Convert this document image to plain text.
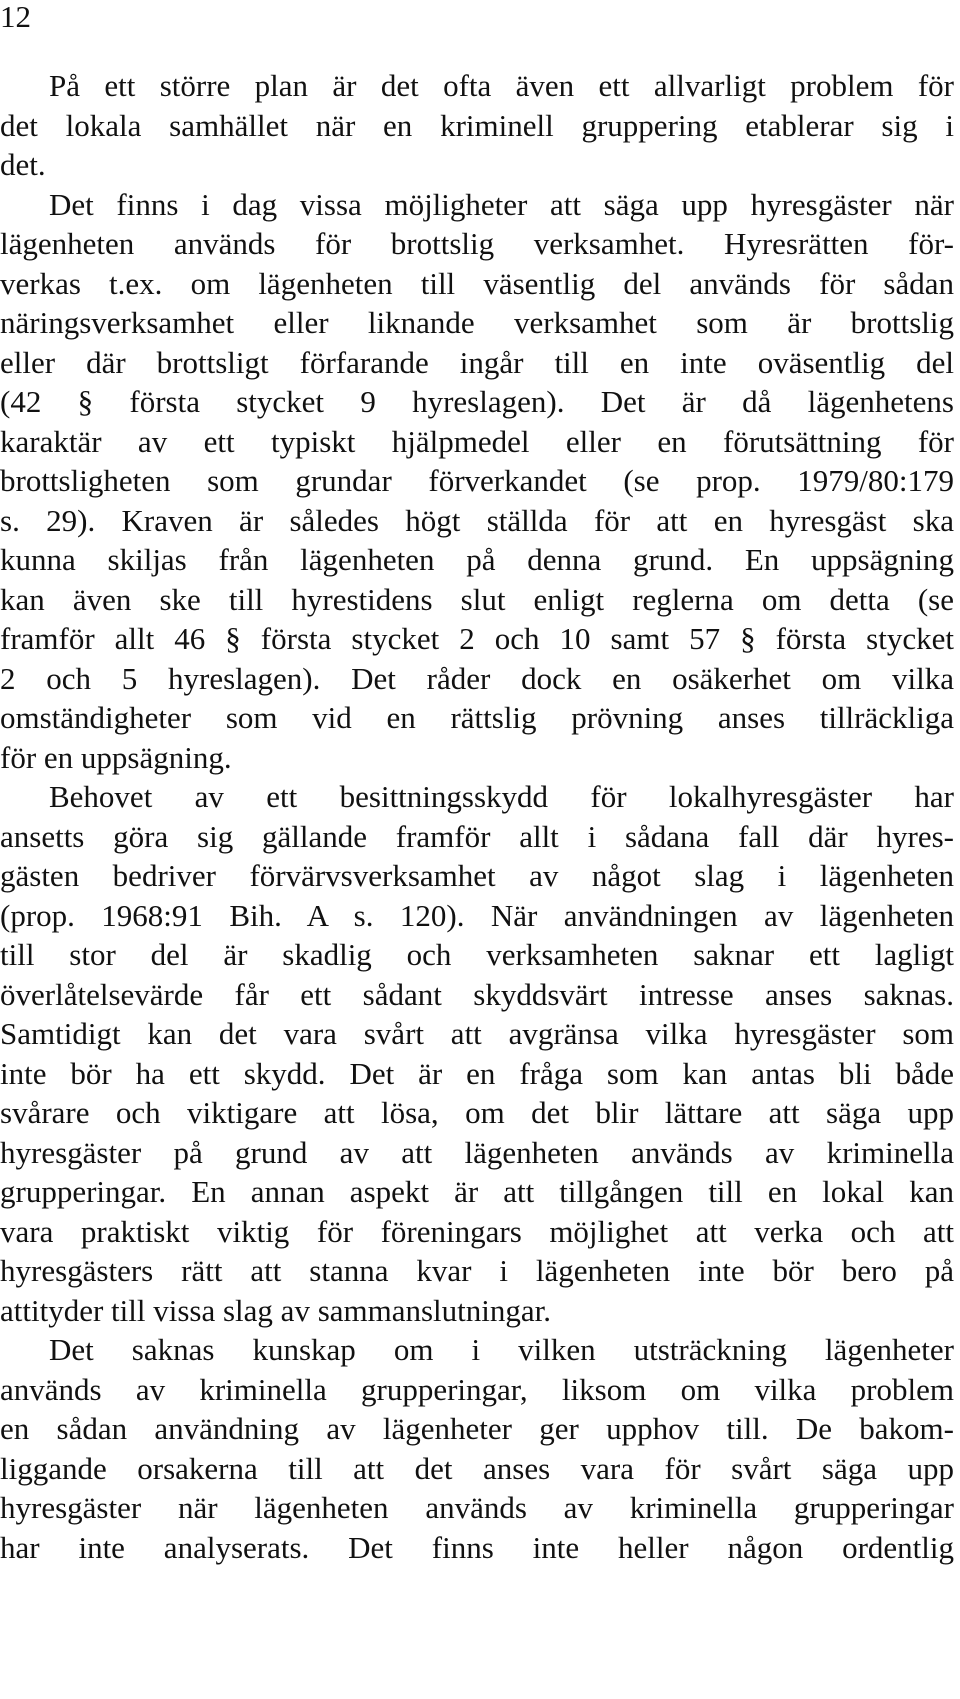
12
På ett större plan är det ofta även ett allvarligt problem för
det lokala samhället när en kriminell gruppering etablerar sig i
det.
Det finns i dag vissa möjligheter att säga upp hyresgäster när
lägenheten används för brottslig verksamhet. Hyresrätten för-
verkas t.ex. om lägenheten till väsentlig del används för sådan
näringsverksamhet eller liknande verksamhet som är brottslig
eller där brottsligt förfarande ingår till en inte oväsentlig del
(42 § första stycket 9 hyreslagen). Det är då lägenhetens
karaktär av ett typiskt hjälpmedel eller en förutsättning för
brottsligheten som grundar förverkandet (se prop. 1979/80:179
s. 29). Kraven är således högt ställda för att en hyresgäst ska
kunna skiljas från lägenheten på denna grund. En uppsägning
kan även ske till hyrestidens slut enligt reglerna om detta (se
framför allt 46 § första stycket 2 och 10 samt 57 § första stycket
2 och 5 hyreslagen). Det råder dock en osäkerhet om vilka
omständigheter som vid en rättslig prövning anses tillräckliga
för en uppsägning.
Behovet av ett besittningsskydd för lokalhyresgäster har
ansetts göra sig gällande framför allt i sådana fall där hyres-
gästen bedriver förvärvsverksamhet av något slag i lägenheten
(prop. 1968:91 Bih. A s. 120). När användningen av lägenheten
till stor del är skadlig och verksamheten saknar ett lagligt
överlåtelsevärde får ett sådant skyddsvärt intresse anses saknas.
Samtidigt kan det vara svårt att avgränsa vilka hyresgäster som
inte bör ha ett skydd. Det är en fråga som kan antas bli både
svårare och viktigare att lösa, om det blir lättare att säga upp
hyresgäster på grund av att lägenheten används av kriminella
grupperingar. En annan aspekt är att tillgången till en lokal kan
vara praktiskt viktig för föreningars möjlighet att verka och att
hyresgästers rätt att stanna kvar i lägenheten inte bör bero på
attityder till vissa slag av sammanslutningar.
Det saknas kunskap om i vilken utsträckning lägenheter
används av kriminella grupperingar, liksom om vilka problem
en sådan användning av lägenheter ger upphov till. De bakom-
liggande orsakerna till att det anses vara för svårt säga upp
hyresgäster när lägenheten används av kriminella grupperingar
har inte analyserats. Det finns inte heller någon ordentlig
